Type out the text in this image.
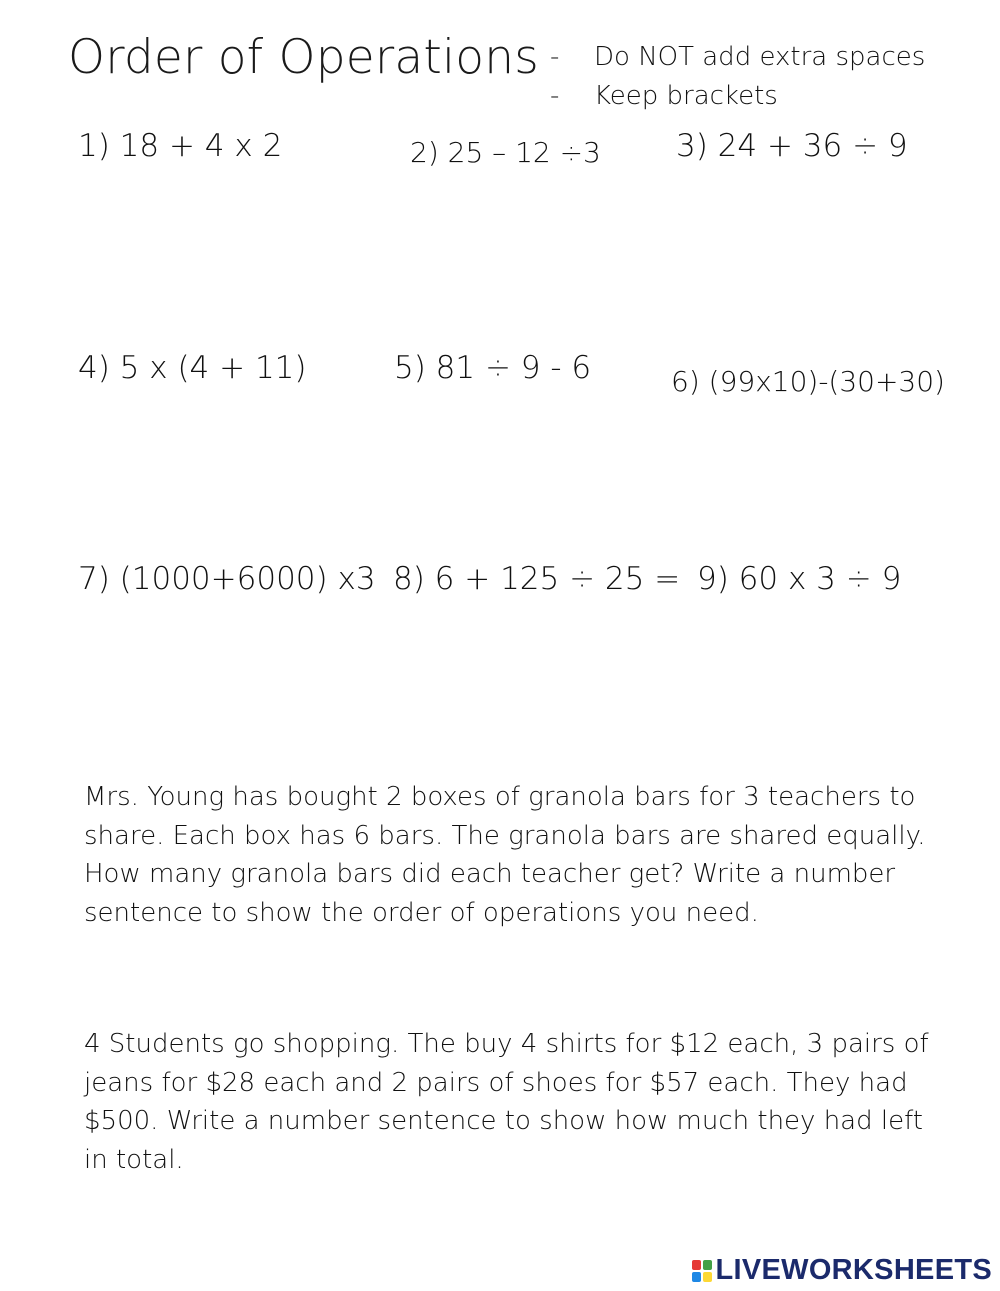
Order of Operations - Do NOT add extra spaces
- Keep brackets
1) 18 + 4 x 2	2) 25 – 12 ÷3 3) 24 + 36 ÷ 9
4) 5 x (4 + 11)	5) 81 ÷ 9 - 6	6) (99x10)-(30+30)
7) (1000+6000) x3 8) 6 + 125 ÷ 25 = 9) 60 x 3 ÷ 9
Mrs. Young has bought 2 boxes of granola bars for 3 teachers to share. Each box has 6 bars. The granola bars are shared equally. How many granola bars did each teacher get? Write a number sentence to show the order of operations you need.
4 Students go shopping. The buy 4 shirts for $12 each, 3 pairs of jeans for $28 each and 2 pairs of shoes for $57 each. They had $500. Write a number sentence to show how much they had left in total.
LIVEWORKSHEETS
